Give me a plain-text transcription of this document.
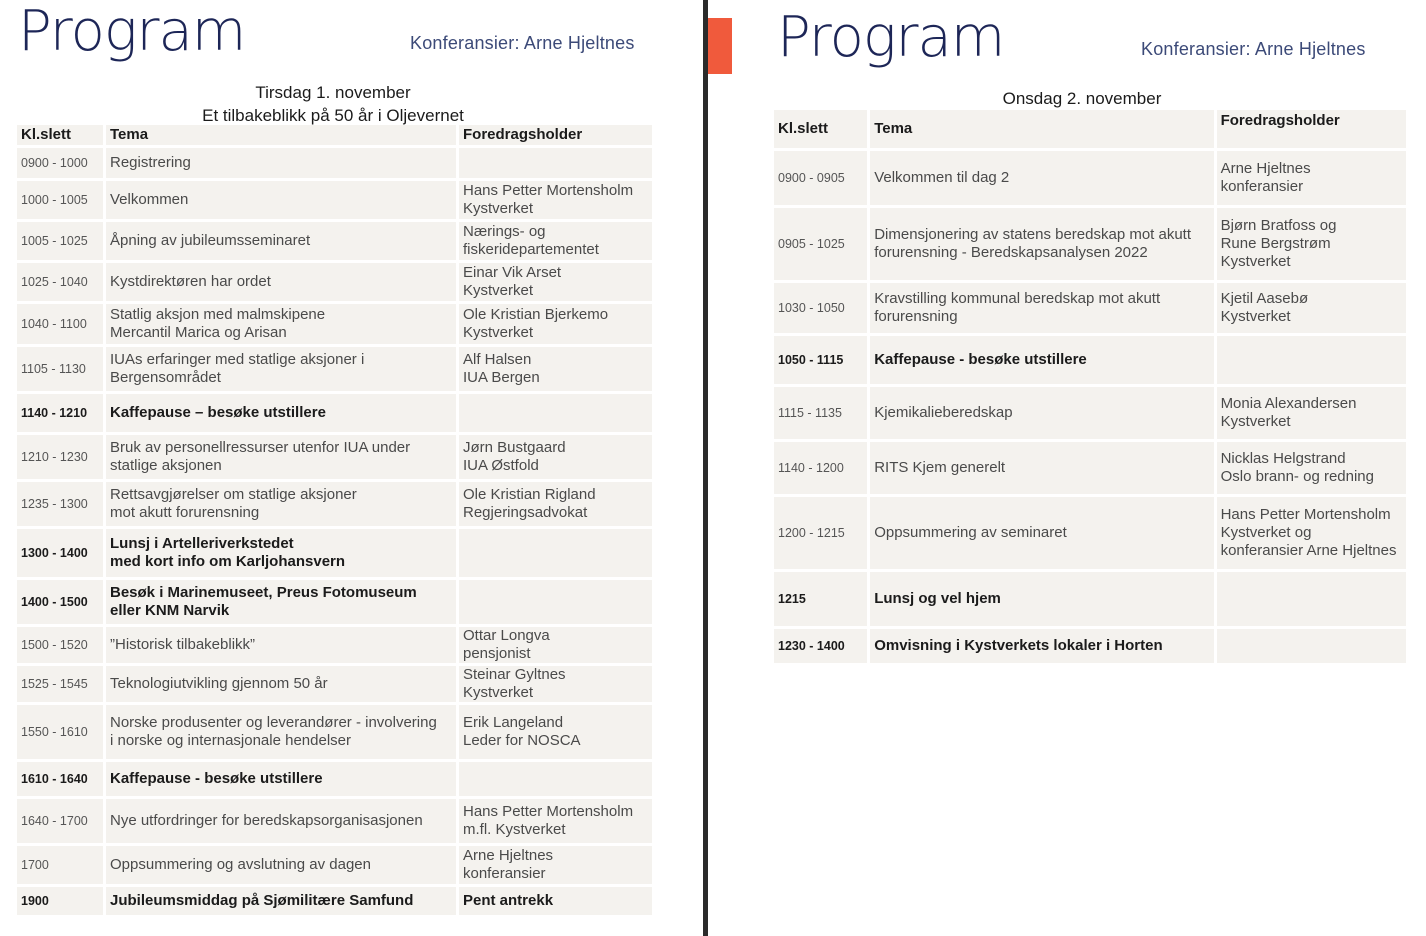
Program	Konferansier: Arne Hjeltnes
Tirsdag 1. november
Et tilbakeblikk på 50 år i Oljevernet
Kl.slett	Tema	Foredragsholder
0900 - 1000	Registrering	
1000 - 1005	Velkommen	Hans Petter Mortensholm
Kystverket
1005 - 1025	Åpning av jubileumsseminaret	Nærings- og
fiskeridepartementet
1025 - 1040	Kystdirektøren har ordet	Einar Vik Arset
Kystverket
1040 - 1100	Statlig aksjon med malmskipene
Mercantil Marica og Arisan	Ole Kristian Bjerkemo
Kystverket
1105 - 1130	IUAs erfaringer med statlige aksjoner i
Bergensområdet	Alf Halsen
IUA Bergen
1140 - 1210	Kaffepause – besøke utstillere	
1210 - 1230	Bruk av personellressurser utenfor IUA under
statlige aksjonen	Jørn Bustgaard
IUA Østfold
1235 - 1300	Rettsavgjørelser om statlige aksjoner
mot akutt forurensning	Ole Kristian Rigland
Regjeringsadvokat
1300 - 1400	Lunsj i Artelleriverkstedet
med kort info om Karljohansvern	
1400 - 1500	Besøk i Marinemuseet, Preus Fotomuseum
eller KNM Narvik	
1500 - 1520	”Historisk tilbakeblikk”	Ottar Longva
pensjonist
1525 - 1545	Teknologiutvikling gjennom 50 år	Steinar Gyltnes
Kystverket
1550 - 1610	Norske produsenter og leverandører - involvering
i norske og internasjonale hendelser	Erik Langeland
Leder for NOSCA
1610 - 1640	Kaffepause - besøke utstillere	
1640 - 1700	Nye utfordringer for beredskapsorganisasjonen	Hans Petter Mortensholm
m.fl. Kystverket
1700	Oppsummering og avslutning av dagen	Arne Hjeltnes
konferansier
1900	Jubileumsmiddag på Sjømilitære Samfund	Pent antrekk
Program	Konferansier: Arne Hjeltnes
Onsdag 2. november
Kl.slett	Tema	Foredragsholder
0900 - 0905	Velkommen til dag 2	Arne Hjeltnes
konferansier
0905 - 1025	Dimensjonering av statens beredskap mot akutt
forurensning - Beredskapsanalysen 2022	Bjørn Bratfoss og
Rune Bergstrøm
Kystverket
1030 - 1050	Kravstilling kommunal beredskap mot akutt
forurensning	Kjetil Aasebø
Kystverket
1050 - 1115	Kaffepause - besøke utstillere	
1115 - 1135	Kjemikalieberedskap	Monia Alexandersen
Kystverket
1140 - 1200	RITS Kjem generelt	Nicklas Helgstrand
Oslo brann- og redning
1200 - 1215	Oppsummering av seminaret	Hans Petter Mortensholm
Kystverket og
konferansier Arne Hjeltnes
1215	Lunsj og vel hjem	
1230 - 1400	Omvisning i Kystverkets lokaler i Horten	
